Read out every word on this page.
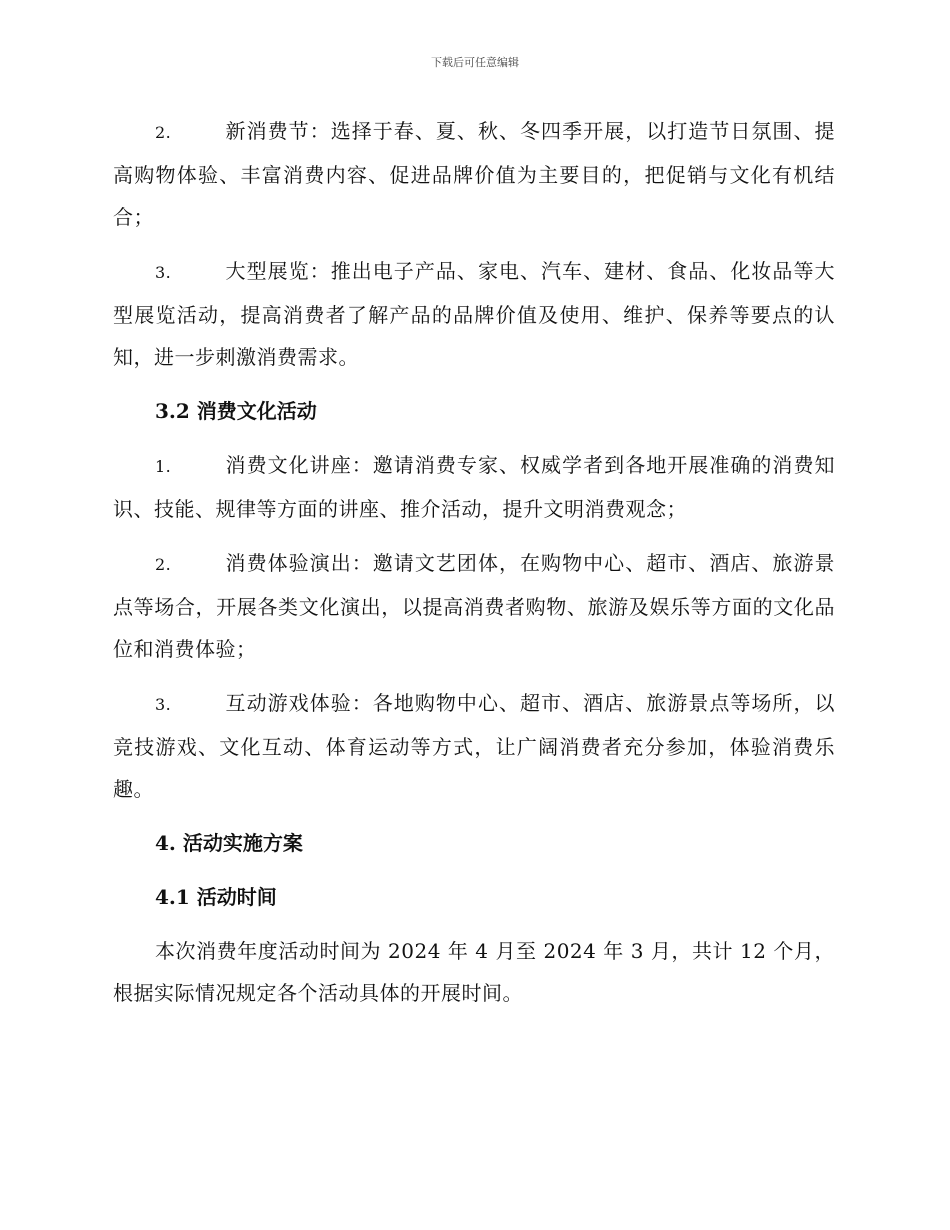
下载后可任意编辑

2.	新消费节：选择于春、夏、秋、冬四季开展，以打造节日氛围、提高购物体验、丰富消费内容、促进品牌价值为主要目的，把促销与文化有机结合；

3.	大型展览：推出电子产品、家电、汽车、建材、食品、化妆品等大型展览活动，提高消费者了解产品的品牌价值及使用、维护、保养等要点的认知，进一步刺激消费需求。

3.2 消费文化活动

1.	消费文化讲座：邀请消费专家、权威学者到各地开展准确的消费知识、技能、规律等方面的讲座、推介活动，提升文明消费观念；

2.	消费体验演出：邀请文艺团体，在购物中心、超市、酒店、旅游景点等场合，开展各类文化演出，以提高消费者购物、旅游及娱乐等方面的文化品位和消费体验；

3.	互动游戏体验：各地购物中心、超市、酒店、旅游景点等场所，以竞技游戏、文化互动、体育运动等方式，让广阔消费者充分参加，体验消费乐趣。

4. 活动实施方案

4.1 活动时间

本次消费年度活动时间为 2024 年 4 月至 2024 年 3 月，共计 12 个月，根据实际情况规定各个活动具体的开展时间。
